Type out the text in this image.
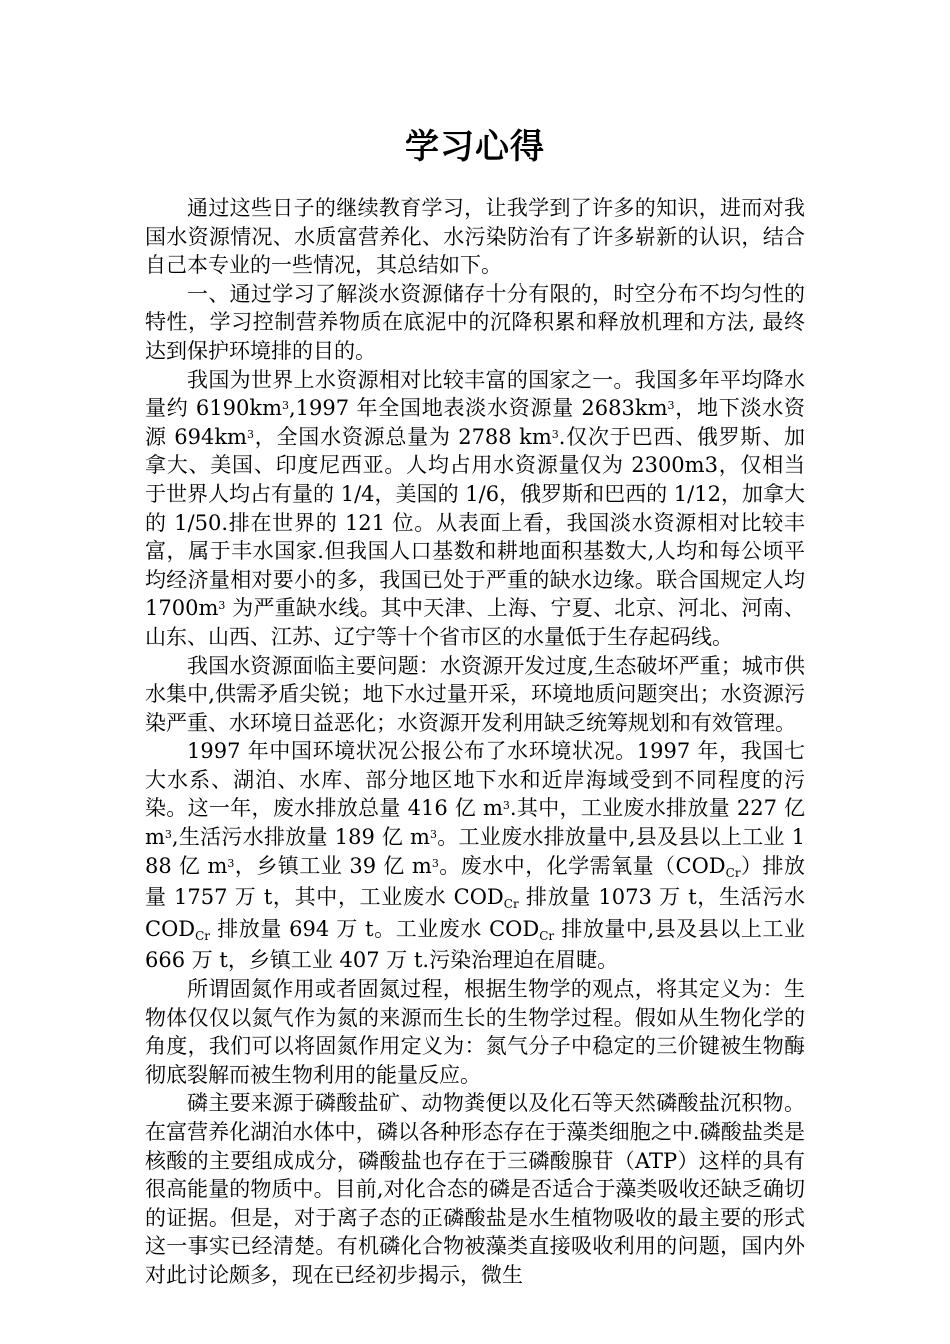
学习心得

通过这些日子的继续教育学习，让我学到了许多的知识，进而对我国水资源情况、水质富营养化、水污染防治有了许多崭新的认识，结合自己本专业的一些情况，其总结如下。

一、通过学习了解淡水资源储存十分有限的，时空分布不均匀性的特性，学习控制营养物质在底泥中的沉降积累和释放机理和方法, 最终达到保护环境排的目的。

我国为世界上水资源相对比较丰富的国家之一。我国多年平均降水量约 $6190km^3,1997$ 年全国地表淡水资源量 $2683km^3$，地下淡水资源 $694km^3$，全国水资源总量为 2788 $km^3$.仅次于巴西、俄罗斯、加拿大、美国、印度尼西亚。人均占用水资源量仅为 2300m3，仅相当于世界人均占有量的 1/4，美国的 1/6，俄罗斯和巴西的 1/12，加拿大的 1/50.排在世界的 121 位。从表面上看，我国淡水资源相对比较丰富，属于丰水国家.但我国人口基数和耕地面积基数大,人均和每公顷平均经济量相对要小的多，我国已处于严重的缺水边缘。联合国规定人均 $1700m^3$ 为严重缺水线。其中天津、上海、宁夏、北京、河北、河南、山东、山西、江苏、辽宁等十个省市区的水量低于生存起码线。

我国水资源面临主要问题：水资源开发过度,生态破坏严重；城市供水集中,供需矛盾尖锐；地下水过量开采，环境地质问题突出；水资源污染严重、水环境日益恶化；水资源开发利用缺乏统筹规划和有效管理。

1997 年中国环境状况公报公布了水环境状况。1997 年，我国七大水系、湖泊、水库、部分地区地下水和近岸海域受到不同程度的污染。这一年，废水排放总量 416 亿 $m^3$.其中，工业废水排放量 227 亿 $m^3$,生活污水排放量 189 亿 $m^3$。工业废水排放量中,县及县以上工业 188 亿 $m^3$，乡镇工业 39 亿 $m^3$。废水中，化学需氧量$(COD_{Cr})$排放量 1757 万 t，其中，工业废水 $COD_{Cr}$ 排放量 1073 万 t，生活污水 $COD_{Cr}$ 排放量 694 万 t。工业废水 $COD_{Cr}$ 排放量中,县及县以上工业 666 万 t，乡镇工业 407 万 t.污染治理迫在眉睫。

所谓固氮作用或者固氮过程，根据生物学的观点，将其定义为：生物体仅仅以氮气作为氮的来源而生长的生物学过程。假如从生物化学的角度，我们可以将固氮作用定义为：氮气分子中稳定的三价键被生物酶彻底裂解而被生物利用的能量反应。

磷主要来源于磷酸盐矿、动物粪便以及化石等天然磷酸盐沉积物。在富营养化湖泊水体中，磷以各种形态存在于藻类细胞之中.磷酸盐类是核酸的主要组成成分，磷酸盐也存在于三磷酸腺苷（ATP）这样的具有很高能量的物质中。目前,对化合态的磷是否适合于藻类吸收还缺乏确切的证据。但是，对于离子态的正磷酸盐是水生植物吸收的最主要的形式这一事实已经清楚。有机磷化合物被藻类直接吸收利用的问题，国内外对此讨论颇多，现在已经初步揭示，微生
